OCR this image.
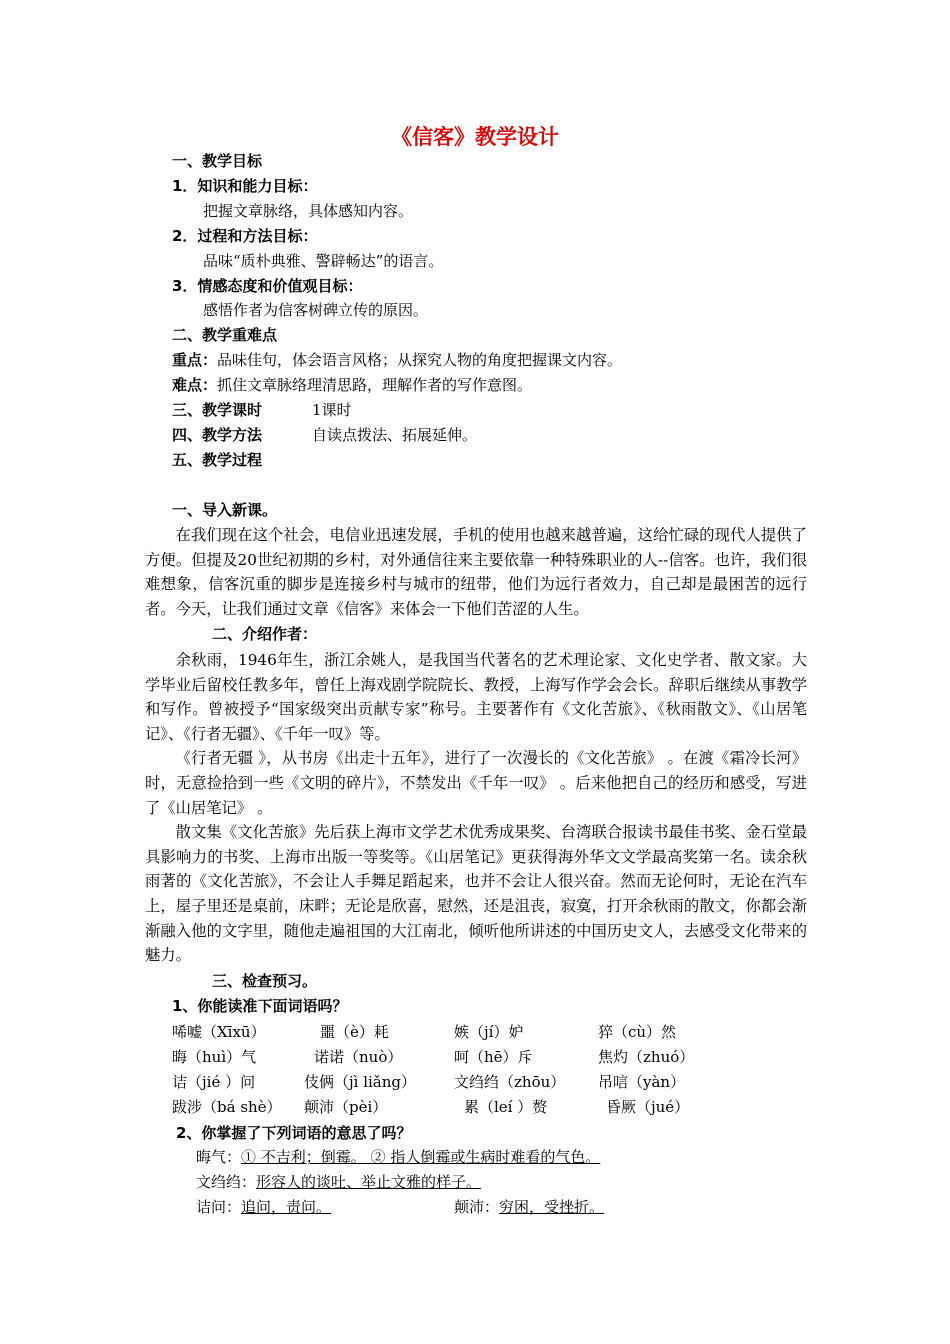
《信客》教学设计
一、教学目标
1．知识和能力目标：
把握文章脉络，具体感知内容。
2．过程和方法目标：
品味“质朴典雅、警辟畅达”的语言。
3．情感态度和价值观目标：
感悟作者为信客树碑立传的原因。
二、教学重难点
重点：品味佳句，体会语言风格；从探究人物的角度把握课文内容。
难点：抓住文章脉络理清思路，理解作者的写作意图。
三、教学课时	1课时
四、教学方法	自读点拨法、拓展延伸。
五、教学过程
一、导入新课。

在我们现在这个社会，电信业迅速发展，手机的使用也越来越普遍，这给忙碌的现代人提供了方便。但提及20世纪初期的乡村，对外通信往来主要依靠一种特殊职业的人--信客。也许，我们很难想象，信客沉重的脚步是连接乡村与城市的纽带，他们为远行者效力，自己却是最困苦的远行者。今天，让我们通过文章《信客》来体会一下他们苦涩的人生。

二、介绍作者：

余秋雨，1946年生，浙江余姚人，是我国当代著名的艺术理论家、文化史学者、散文家。大学毕业后留校任教多年，曾任上海戏剧学院院长、教授，上海写作学会会长。辞职后继续从事教学和写作。曾被授予“国家级突出贡献专家”称号。主要著作有《文化苦旅》、《秋雨散文》、《山居笔记》、《行者无疆》、《千年一叹》等。

《行者无疆 》，从书房《出走十五年》，进行了一次漫长的《文化苦旅》 。在渡《霜冷长河》时，无意捡拾到一些《文明的碎片》，不禁发出《千年一叹》 。后来他把自己的经历和感受，写进了《山居笔记》 。

散文集《文化苦旅》先后获上海市文学艺术优秀成果奖、台湾联合报读书最佳书奖、金石堂最具影响力的书奖、上海市出版一等奖等。《山居笔记》更获得海外华文文学最高奖第一名。读余秋雨著的《文化苦旅》，不会让人手舞足蹈起来，也并不会让人很兴奋。然而无论何时，无论在汽车上，屋子里还是桌前，床畔；无论是欣喜，慰然，还是沮丧，寂寞，打开余秋雨的散文，你都会渐渐融入他的文字里，随他走遍祖国的大江南北，倾听他所讲述的中国历史文人，去感受文化带来的魅力。

三、检查预习。
1、你能读准下面词语吗？
唏嘘（Xīxū）	噩（è）耗	嫉（jí）妒	猝（cù）然
晦（huì）气	诺诺（nuò）	呵（hē）斥	焦灼（zhuó）
诘（jié ）问	伎俩（jì liǎng）	文绉绉（zhōu） 吊唁（yàn）
跋涉（bá shè） 颠沛（pèi）	累（leí ）赘	昏厥（jué）
2、你掌握了下列词语的意思了吗？
晦气：① 不吉利；倒霉。 ② 指人倒霉或生病时难看的气色。
文绉绉：形容人的谈吐、举止文雅的样子。
诘问：追问，责问。	颠沛：穷困，受挫折。
